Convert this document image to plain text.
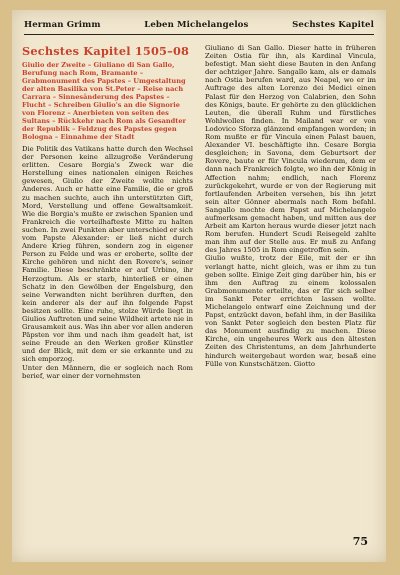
Herman Grimm	Leben Michelangelos	Sechstes Kapitel
Sechstes Kapitel 1505–08

Giulio der Zweite – Giuliano di San Gallo, Berufung nach Rom, Bramante – Grabmonument des Papstes – Umgestaltung der alten Basilika von St.Peter – Reise nach Carrara – Sinnesänderung des Papstes – Flucht – Schreiben Giulio's an die Signorie von Florenz – Anerbieten von seiten des Sultans – Rückkehr nach Rom als Gesandter der Republik – Feldzug des Papstes gegen Bologna – Einnahme der Stadt

Die Politik des Vatikans hatte durch den Wechsel der Personen keine allzugroße Veränderung erlitten. Cesare Borgia's Zweck war die Herstellung eines nationalen einigen Reiches gewesen, Giulio der Zweite wollte nichts Anderes. Auch er hatte eine Familie, die er groß zu machen suchte, auch ihn unterstützten Gift, Mord, Verstellung und offene Gewaltsamkeit. Wie die Borgia's mußte er zwischen Spanien und Frankreich die vorteilhafteste Mitte zu halten suchen. In zwei Punkten aber unterschied er sich vom Papste Alexander: er ließ nicht durch Andere Krieg führen, sondern zog in eigener Person zu Felde und was er eroberte, sollte der Kirche gehören und nicht den Rovere's, seiner Familie. Diese beschränkte er auf Urbino, ihr Herzogtum. Als er starb, hinterließ er einen Schatz in den Gewölben der Engelsburg, den seine Verwandten nicht berühren durften, den kein anderer als der auf ihn folgende Papst besitzen sollte. Eine ruhe, stolze Würde liegt in Giulios Auftreten und seine Wildheit artete nie in Grausamkeit aus. Was ihn aber vor allen anderen Päpsten vor ihm und nach ihm geadelt hat, ist seine Freude an den Werken großer Künstler und der Blick, mit dem er sie erkannte und zu sich emporzog.

Unter den Männern, die er sogleich nach Rom berief, war einer der vornehmsten

Giuliano di San Gallo. Dieser hatte in früheren Zeiten Ostia für ihn, als Kardinal Vincula, befestigt. Man sieht diese Bauten in den Anfang der achtziger Jahre. Sangallo kam, als er damals nach Ostia berufen ward, aus Neapel, wo er im Auftrage des alten Lorenzo dei Medici einen Palast für den Herzog von Calabrien, den Sohn des Königs, baute. Er gehörte zu den glücklichen Leuten, die überall Ruhm und fürstliches Wohlwollen finden. In Mailand war er von Lodovico Sforza glänzend empfangen worden; in Rom mußte er für Vincula einen Palast bauen, Alexander VI. beschäftigte ihn. Cesare Borgia desgleichen; in Savona, dem Geburtsort der Rovere, baute er für Vincula wiederum, dem er dann nach Frankreich folgte, wo ihn der König in Affection nahm; endlich, nach Florenz zurückgekehrt, wurde er von der Regierung mit fortlaufenden Arbeiten versehen, bis ihn jetzt sein alter Gönner abermals nach Rom befahl. Sangallo mochte dem Papst auf Michelangelo aufmerksam gemacht haben, und mitten aus der Arbeit am Karton heraus wurde dieser jetzt nach Rom berufen. Hundert Scudi Reisegeld zahlte man ihm auf der Stelle aus. Er muß zu Anfang des Jahres 1505 in Rom eingetroffen sein.

Giulio wußte, trotz der Eile, mit der er ihn verlangt hatte, nicht gleich, was er ihm zu tun geben sollte. Einige Zeit ging darüber hin, bis er ihm den Auftrag zu einem kolossalen Grabmonumente erteilte, das er für sich selber im Sankt Peter errichten lassen wollte. Michelangelo entwarf eine Zeichnung und der Papst, entzückt davon, befahl ihm, in der Basilika von Sankt Peter sogleich den besten Platz für das Monument ausfindig zu machen. Diese Kirche, ein ungeheures Werk aus den ältesten Zeiten des Christentums, an dem Jahrhunderte hindurch weitergebaut worden war, besaß eine Fülle von Kunstschätzen. Giotto

75
